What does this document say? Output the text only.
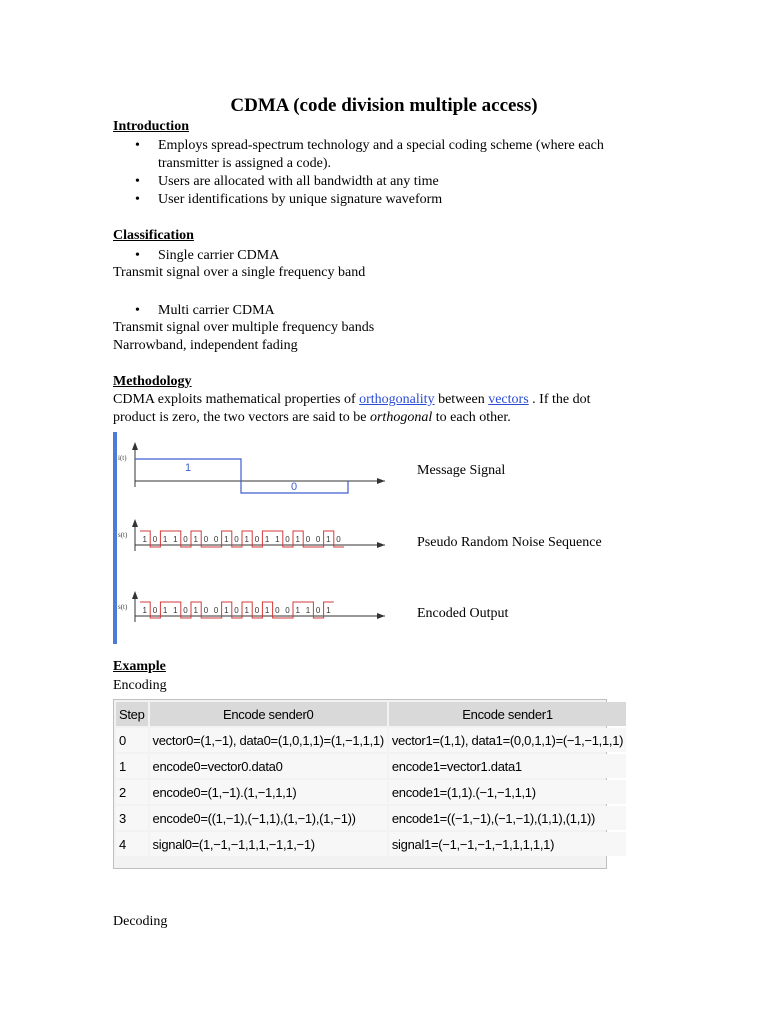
CDMA (code division multiple access)
Introduction
• Employs spread-spectrum technology and a special coding scheme (where each
transmitter is assigned a code).
• Users are allocated with all bandwidth at any time
• User identifications by unique signature waveform
Classification
• Single carrier CDMA
Transmit signal over a single frequency band
• Multi carrier CDMA
Transmit signal over multiple frequency bands
Narrowband, independent fading
Methodology
CDMA exploits mathematical properties of orthogonality between vectors . If the dot
product is zero, the two vectors are said to be orthogonal to each other.
i(t)
s(t)
s(t)
1
0
1 0 1 1 0 1 0 0 1 0 1 0 1 1 0 1 0 0 1 0
1 0 1 1 0 1 0 0 1 0 1 0 1 0 0 1 1 0 1
Message Signal
Pseudo Random Noise Sequence
Encoded Output
Example
Encoding
Step	Encode sender0	Encode sender1
0	vector0=(1,−1), data0=(1,0,1,1)=(1,−1,1,1)	vector1=(1,1), data1=(0,0,1,1)=(−1,−1,1,1)
1	encode0=vector0.data0	encode1=vector1.data1
2	encode0=(1,−1).(1,−1,1,1)	encode1=(1,1).(−1,−1,1,1)
3	encode0=((1,−1),(−1,1),(1,−1),(1,−1))	encode1=((−1,−1),(−1,−1),(1,1),(1,1))
4	signal0=(1,−1,−1,1,1,−1,1,−1)	signal1=(−1,−1,−1,−1,1,1,1,1)
Decoding
